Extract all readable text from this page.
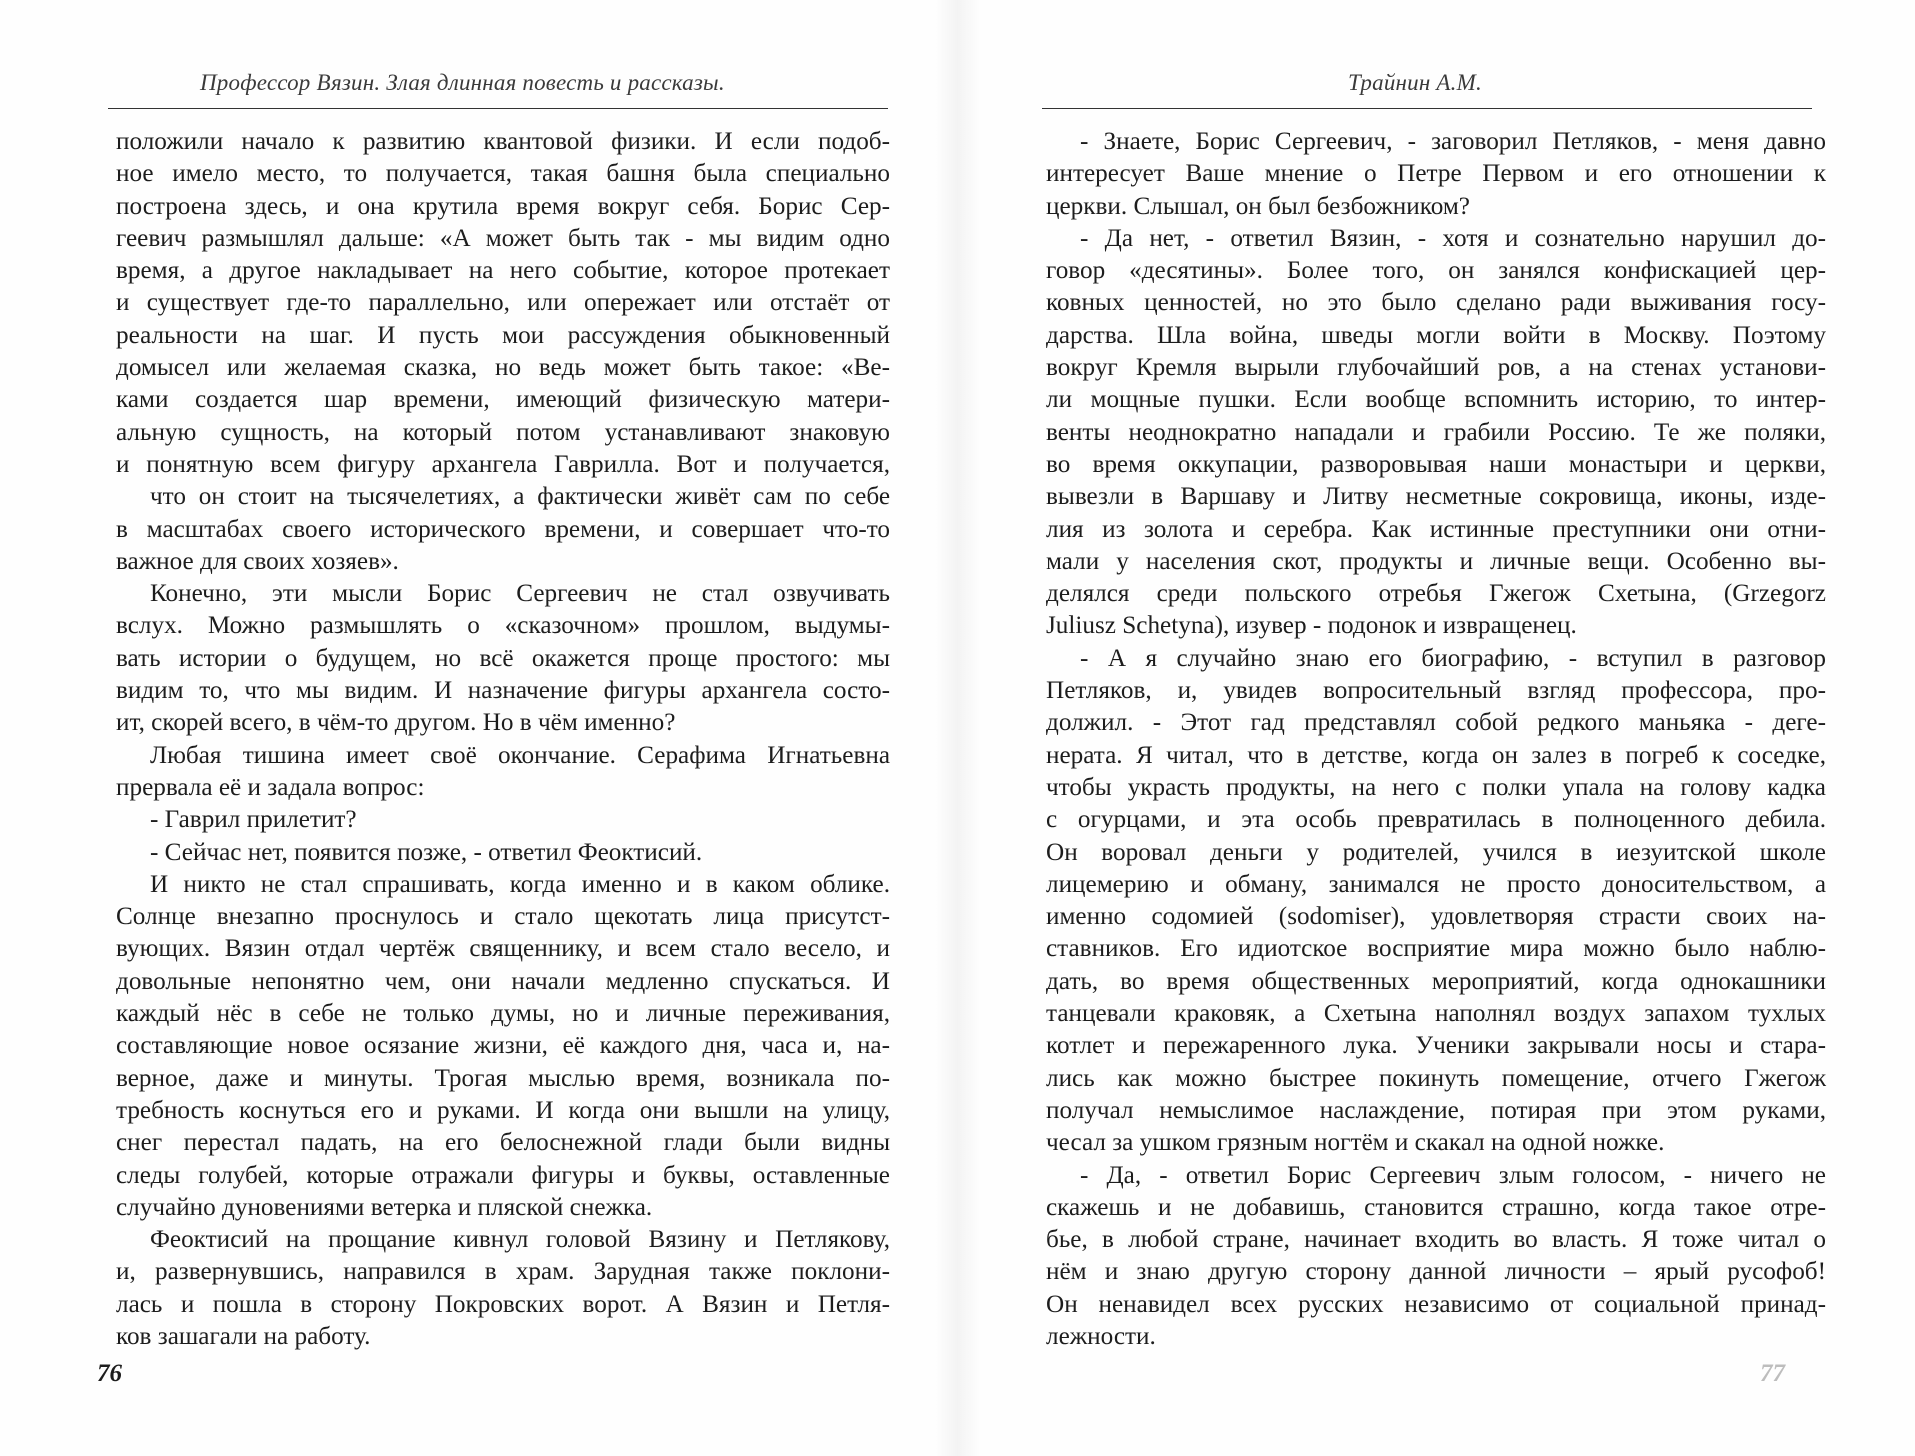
Профессор Вязин. Злая длинная повесть и рассказы.
положили начало к развитию квантовой физики. И если подоб-
ное имело место, то получается, такая башня была специально
построена здесь, и она крутила время вокруг себя. Борис Сер-
геевич размышлял дальше: «А может быть так - мы видим одно
время, а другое накладывает на него событие, которое протекает
и существует где-то параллельно, или опережает или отстаёт от
реальности на шаг. И пусть мои рассуждения обыкновенный
домысел или желаемая сказка, но ведь может быть такое: «Ве-
ками создается шар времени, имеющий физическую матери-
альную сущность, на который потом устанавливают знаковую
и понятную всем фигуру архангела Гаврилла. Вот и получается,
что он стоит на тысячелетиях, а фактически живёт сам по себе
в масштабах своего исторического времени, и совершает что-то
важное для своих хозяев».
Конечно, эти мысли Борис Сергеевич не стал озвучивать
вслух. Можно размышлять о «сказочном» прошлом, выдумы-
вать истории о будущем, но всё окажется проще простого: мы
видим то, что мы видим. И назначение фигуры архангела состо-
ит, скорей всего, в чём-то другом. Но в чём именно?
Любая тишина имеет своё окончание. Серафима Игнатьевна
прервала её и задала вопрос:
- Гаврил прилетит?
- Сейчас нет, появится позже, - ответил Феоктисий.
И никто не стал спрашивать, когда именно и в каком облике.
Солнце внезапно проснулось и стало щекотать лица присутст-
вующих. Вязин отдал чертёж священнику, и всем стало весело, и
довольные непонятно чем, они начали медленно спускаться. И
каждый нёс в себе не только думы, но и личные переживания,
составляющие новое осязание жизни, её каждого дня, часа и, на-
верное, даже и минуты. Трогая мыслью время, возникала по-
требность коснуться его и руками. И когда они вышли на улицу,
снег перестал падать, на его белоснежной глади были видны
следы голубей, которые отражали фигуры и буквы, оставленные
случайно дуновениями ветерка и пляской снежка.
Феоктисий на прощание кивнул головой Вязину и Петлякову,
и, развернувшись, направился в храм. Зарудная также поклони-
лась и пошла в сторону Покровских ворот. А Вязин и Петля-
ков зашагали на работу.
76
Трайнин А.М.
- Знаете, Борис Сергеевич, - заговорил Петляков, - меня давно
интересует Ваше мнение о Петре Первом и его отношении к
церкви. Слышал, он был безбожником?
- Да нет, - ответил Вязин, - хотя и сознательно нарушил до-
говор «десятины». Более того, он занялся конфискацией цер-
ковных ценностей, но это было сделано ради выживания госу-
дарства. Шла война, шведы могли войти в Москву. Поэтому
вокруг Кремля вырыли глубочайший ров, а на стенах установи-
ли мощные пушки. Если вообще вспомнить историю, то интер-
венты неоднократно нападали и грабили Россию. Те же поляки,
во время оккупации, разворовывая наши монастыри и церкви,
вывезли в Варшаву и Литву несметные сокровища, иконы, изде-
лия из золота и серебра. Как истинные преступники они отни-
мали у населения скот, продукты и личные вещи. Особенно вы-
делялся среди польского отребья Гжегож Схетына, (Grzegorz
Juliusz Schetyna), изувер - подонок и извращенец.
- А я случайно знаю его биографию, - вступил в разговор
Петляков, и, увидев вопросительный взгляд профессора, про-
должил. - Этот гад представлял собой редкого маньяка - деге-
нерата. Я читал, что в детстве, когда он залез в погреб к соседке,
чтобы украсть продукты, на него с полки упала на голову кадка
с огурцами, и эта особь превратилась в полноценного дебила.
Он воровал деньги у родителей, учился в иезуитской школе
лицемерию и обману, занимался не просто доносительством, а
именно содомией (sodomiser), удовлетворяя страсти своих на-
ставников. Его идиотское восприятие мира можно было наблю-
дать, во время общественных мероприятий, когда однокашники
танцевали краковяк, а Схетына наполнял воздух запахом тухлых
котлет и пережаренного лука. Ученики закрывали носы и стара-
лись как можно быстрее покинуть помещение, отчего Гжегож
получал немыслимое наслаждение, потирая при этом руками,
чесал за ушком грязным ногтём и скакал на одной ножке.
- Да, - ответил Борис Сергеевич злым голосом, - ничего не
скажешь и не добавишь, становится страшно, когда такое отре-
бье, в любой стране, начинает входить во власть. Я тоже читал о
нём и знаю другую сторону данной личности – ярый русофоб!
Он ненавидел всех русских независимо от социальной принад-
лежности.
77
